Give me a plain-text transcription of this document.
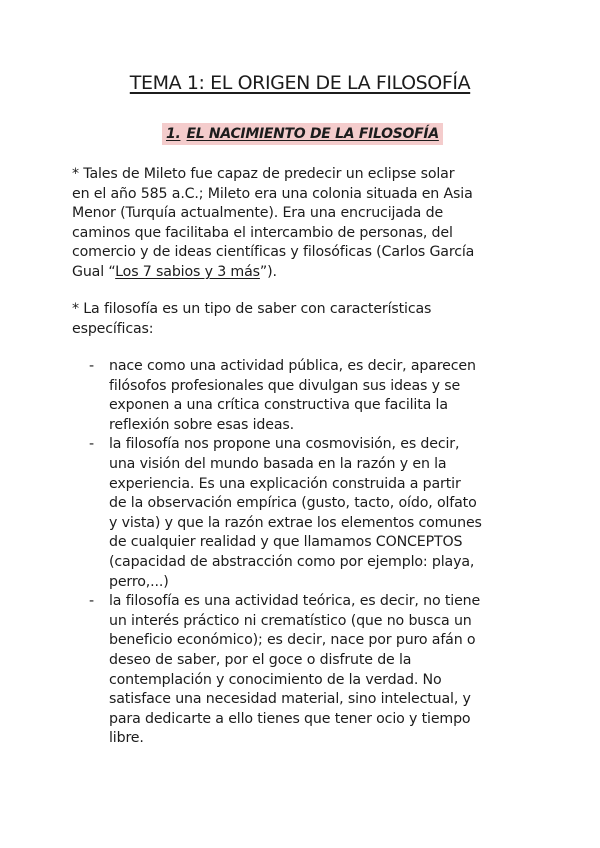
TEMA 1: EL ORIGEN DE LA FILOSOFÍA
1. EL NACIMIENTO DE LA FILOSOFÍA

* Tales de Mileto fue capaz de predecir un eclipse solar
en el año 585 a.C.; Mileto era una colonia situada en Asia
Menor (Turquía actualmente). Era una encrucijada de
caminos que facilitaba el intercambio de personas, del
comercio y de ideas científicas y filosóficas (Carlos García
Gual “Los 7 sabios y 3 más”).

* La filosofía es un tipo de saber con características
específicas:

- nace como una actividad pública, es decir, aparecen
filósofos profesionales que divulgan sus ideas y se
exponen a una crítica constructiva que facilita la
reflexión sobre esas ideas.
- la filosofía nos propone una cosmovisión, es decir,
una visión del mundo basada en la razón y en la
experiencia. Es una explicación construida a partir
de la observación empírica (gusto, tacto, oído, olfato
y vista) y que la razón extrae los elementos comunes
de cualquier realidad y que llamamos CONCEPTOS
(capacidad de abstracción como por ejemplo: playa,
perro,...)
- la filosofía es una actividad teórica, es decir, no tiene
un interés práctico ni crematístico (que no busca un
beneficio económico); es decir, nace por puro afán o
deseo de saber, por el goce o disfrute de la
contemplación y conocimiento de la verdad. No
satisface una necesidad material, sino intelectual, y
para dedicarte a ello tienes que tener ocio y tiempo
libre.
